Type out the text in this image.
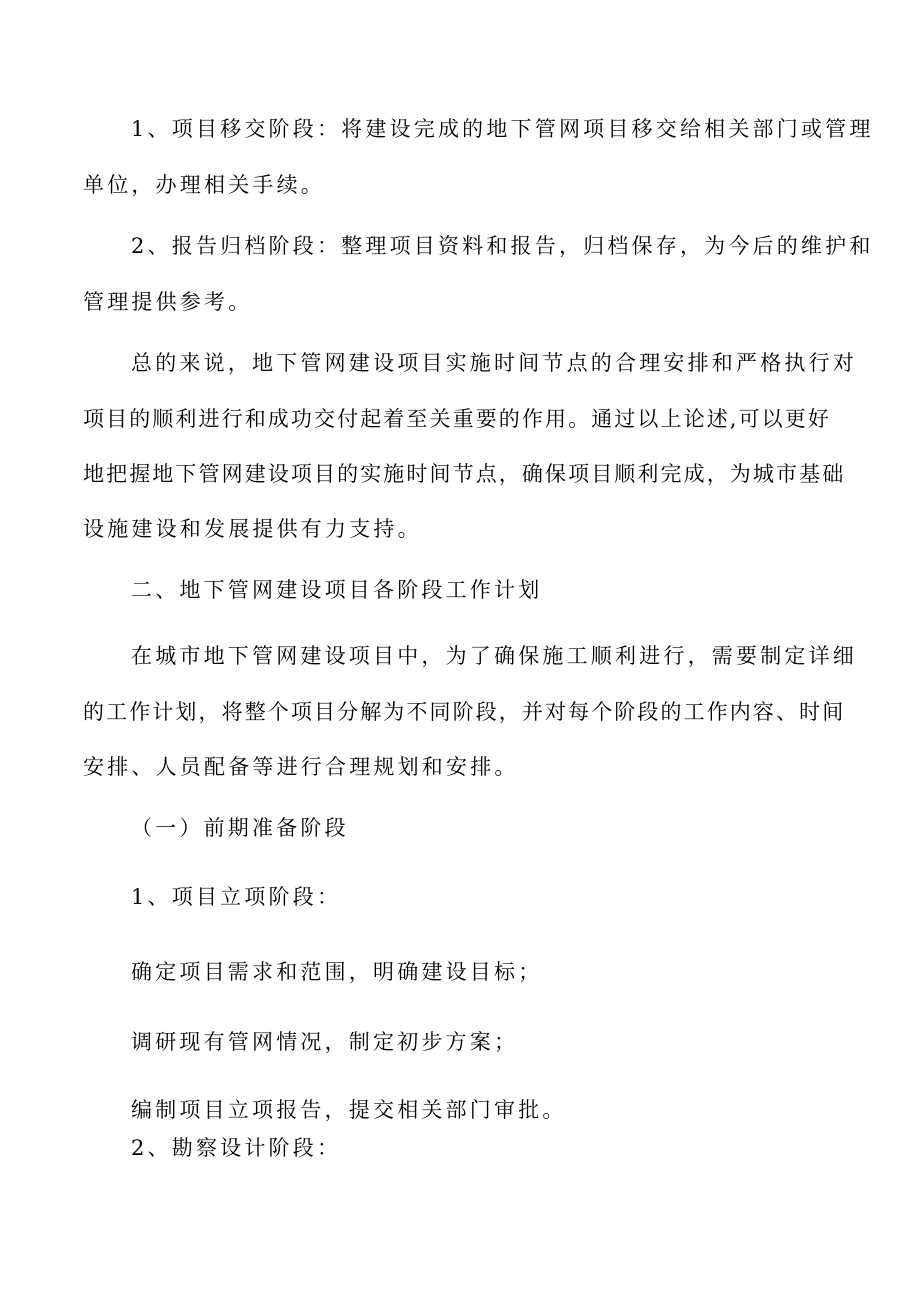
1、项目移交阶段：将建设完成的地下管网项目移交给相关部门或管理

单位，办理相关手续。

2、报告归档阶段：整理项目资料和报告，归档保存，为今后的维护和

管理提供参考。

总的来说，地下管网建设项目实施时间节点的合理安排和严格执行对

项目的顺利进行和成功交付起着至关重要的作用。通过以上论述,可以更好

地把握地下管网建设项目的实施时间节点，确保项目顺利完成，为城市基础

设施建设和发展提供有力支持。

二、地下管网建设项目各阶段工作计划

在城市地下管网建设项目中，为了确保施工顺利进行，需要制定详细

的工作计划，将整个项目分解为不同阶段，并对每个阶段的工作内容、时间

安排、人员配备等进行合理规划和安排。

（一）前期准备阶段

1、项目立项阶段：

确定项目需求和范围，明确建设目标；

调研现有管网情况，制定初步方案；

编制项目立项报告，提交相关部门审批。

2、勘察设计阶段：
